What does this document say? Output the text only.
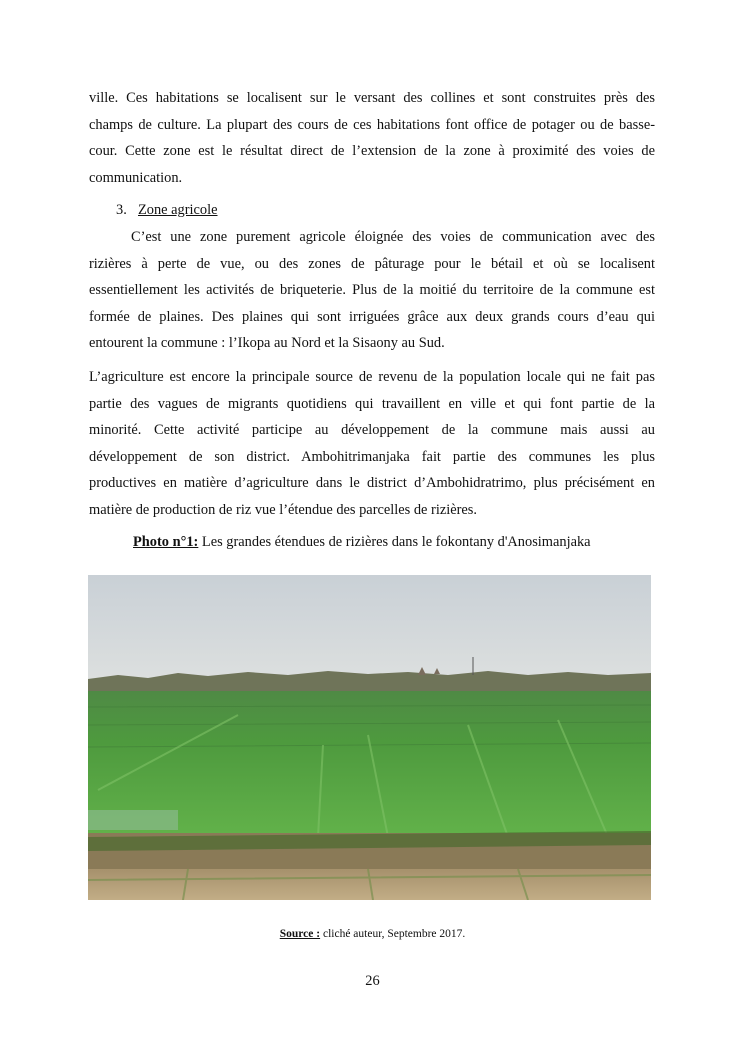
ville. Ces habitations se localisent sur le versant des collines et sont construites près des
champs de culture. La plupart des cours de ces habitations font office de potager ou de basse-
cour. Cette zone est le résultat direct de l’extension de la zone à proximité des voies de
communication.
3. Zone agricole
C’est une zone purement agricole éloignée des voies de communication avec des
rizières à perte de vue, ou des zones de pâturage pour le bétail et où se localisent
essentiellement les activités de briqueterie. Plus de la moitié du territoire de la commune est
formée de plaines. Des plaines qui sont irriguées grâce aux deux grands cours d’eau qui
entourent la commune : l’Ikopa au Nord et la Sisaony au Sud.
L’agriculture est encore la principale source de revenu de la population locale qui ne fait pas
partie des vagues de migrants quotidiens qui travaillent en ville et qui font partie de la
minorité. Cette activité participe au développement de la commune mais aussi au
développement de son district. Ambohitrimanjaka fait partie des communes les plus
productives en matière d’agriculture dans le district d’Ambohidratrimo, plus précisément en
matière de production de riz vue l’étendue des parcelles de rizières.
Photo n°1: Les grandes étendues de rizières dans le fokontany d'Anosimanjaka
Source : cliché auteur, Septembre 2017.
26
